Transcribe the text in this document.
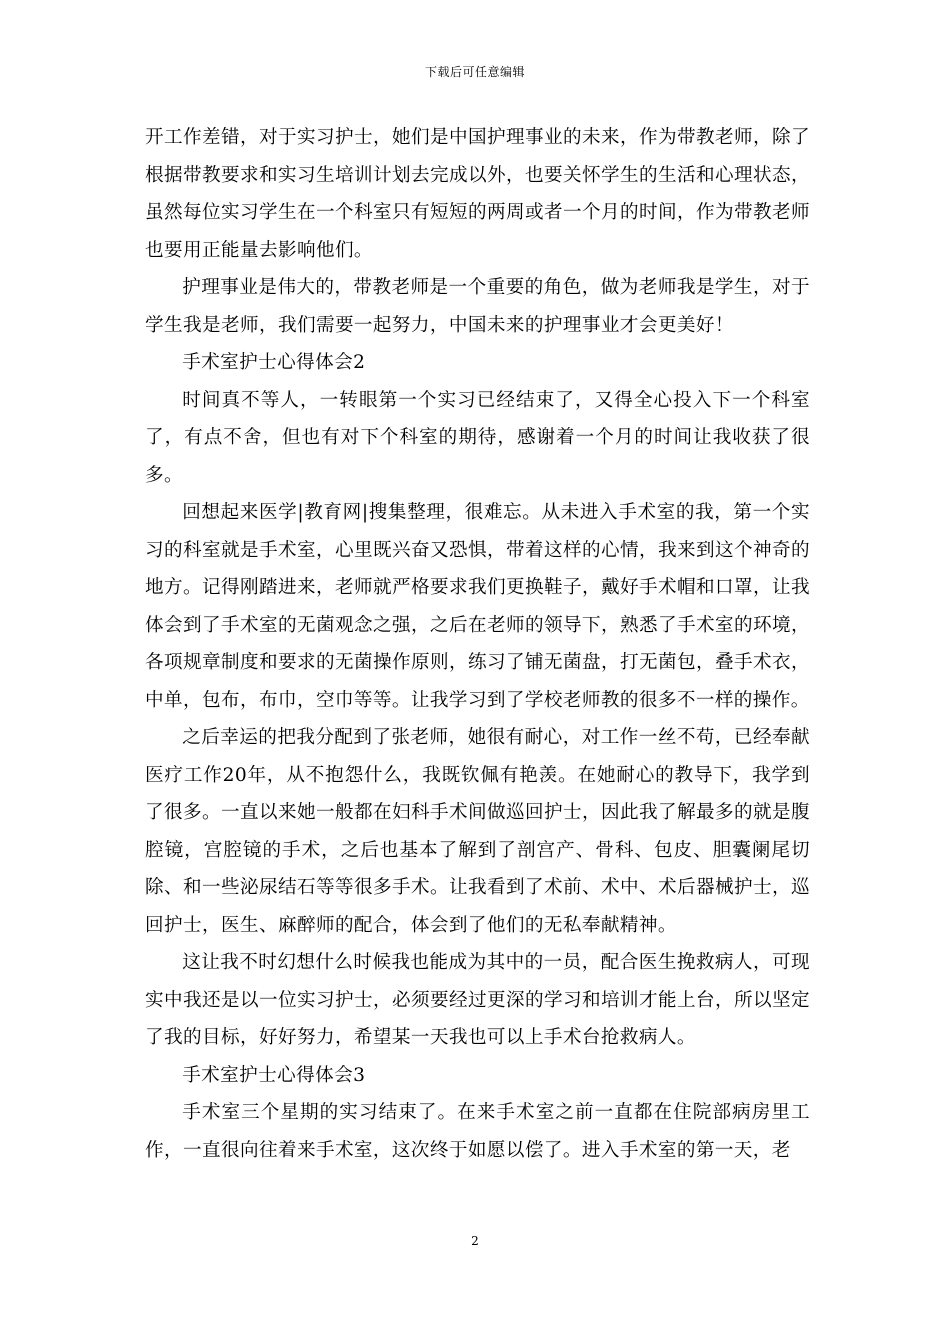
下载后可任意编辑

开工作差错，对于实习护士，她们是中国护理事业的未来，作为带教老师，除了根据带教要求和实习生培训计划去完成以外，也要关怀学生的生活和心理状态，虽然每位实习学生在一个科室只有短短的两周或者一个月的时间，作为带教老师也要用正能量去影响他们。

护理事业是伟大的，带教老师是一个重要的角色，做为老师我是学生，对于学生我是老师，我们需要一起努力，中国未来的护理事业才会更美好！

手术室护士心得体会2

时间真不等人，一转眼第一个实习已经结束了，又得全心投入下一个科室了，有点不舍，但也有对下个科室的期待，感谢着一个月的时间让我收获了很多。

回想起来医学|教育网|搜集整理，很难忘。从未进入手术室的我，第一个实习的科室就是手术室，心里既兴奋又恐惧，带着这样的心情，我来到这个神奇的地方。记得刚踏进来，老师就严格要求我们更换鞋子，戴好手术帽和口罩，让我体会到了手术室的无菌观念之强，之后在老师的领导下，熟悉了手术室的环境，各项规章制度和要求的无菌操作原则，练习了铺无菌盘，打无菌包，叠手术衣，中单，包布，布巾，空巾等等。让我学习到了学校老师教的很多不一样的操作。

之后幸运的把我分配到了张老师，她很有耐心，对工作一丝不苟，已经奉献医疗工作20年，从不抱怨什么，我既钦佩有艳羡。在她耐心的教导下，我学到了很多。一直以来她一般都在妇科手术间做巡回护士，因此我了解最多的就是腹腔镜，宫腔镜的手术，之后也基本了解到了剖宫产、骨科、包皮、胆囊阑尾切除、和一些泌尿结石等等很多手术。让我看到了术前、术中、术后器械护士，巡回护士，医生、麻醉师的配合，体会到了他们的无私奉献精神。

这让我不时幻想什么时候我也能成为其中的一员，配合医生挽救病人，可现实中我还是以一位实习护士，必须要经过更深的学习和培训才能上台，所以坚定了我的目标，好好努力，希望某一天我也可以上手术台抢救病人。

手术室护士心得体会3

手术室三个星期的实习结束了。在来手术室之前一直都在住院部病房里工作，一直很向往着来手术室，这次终于如愿以偿了。进入手术室的第一天，老

2
